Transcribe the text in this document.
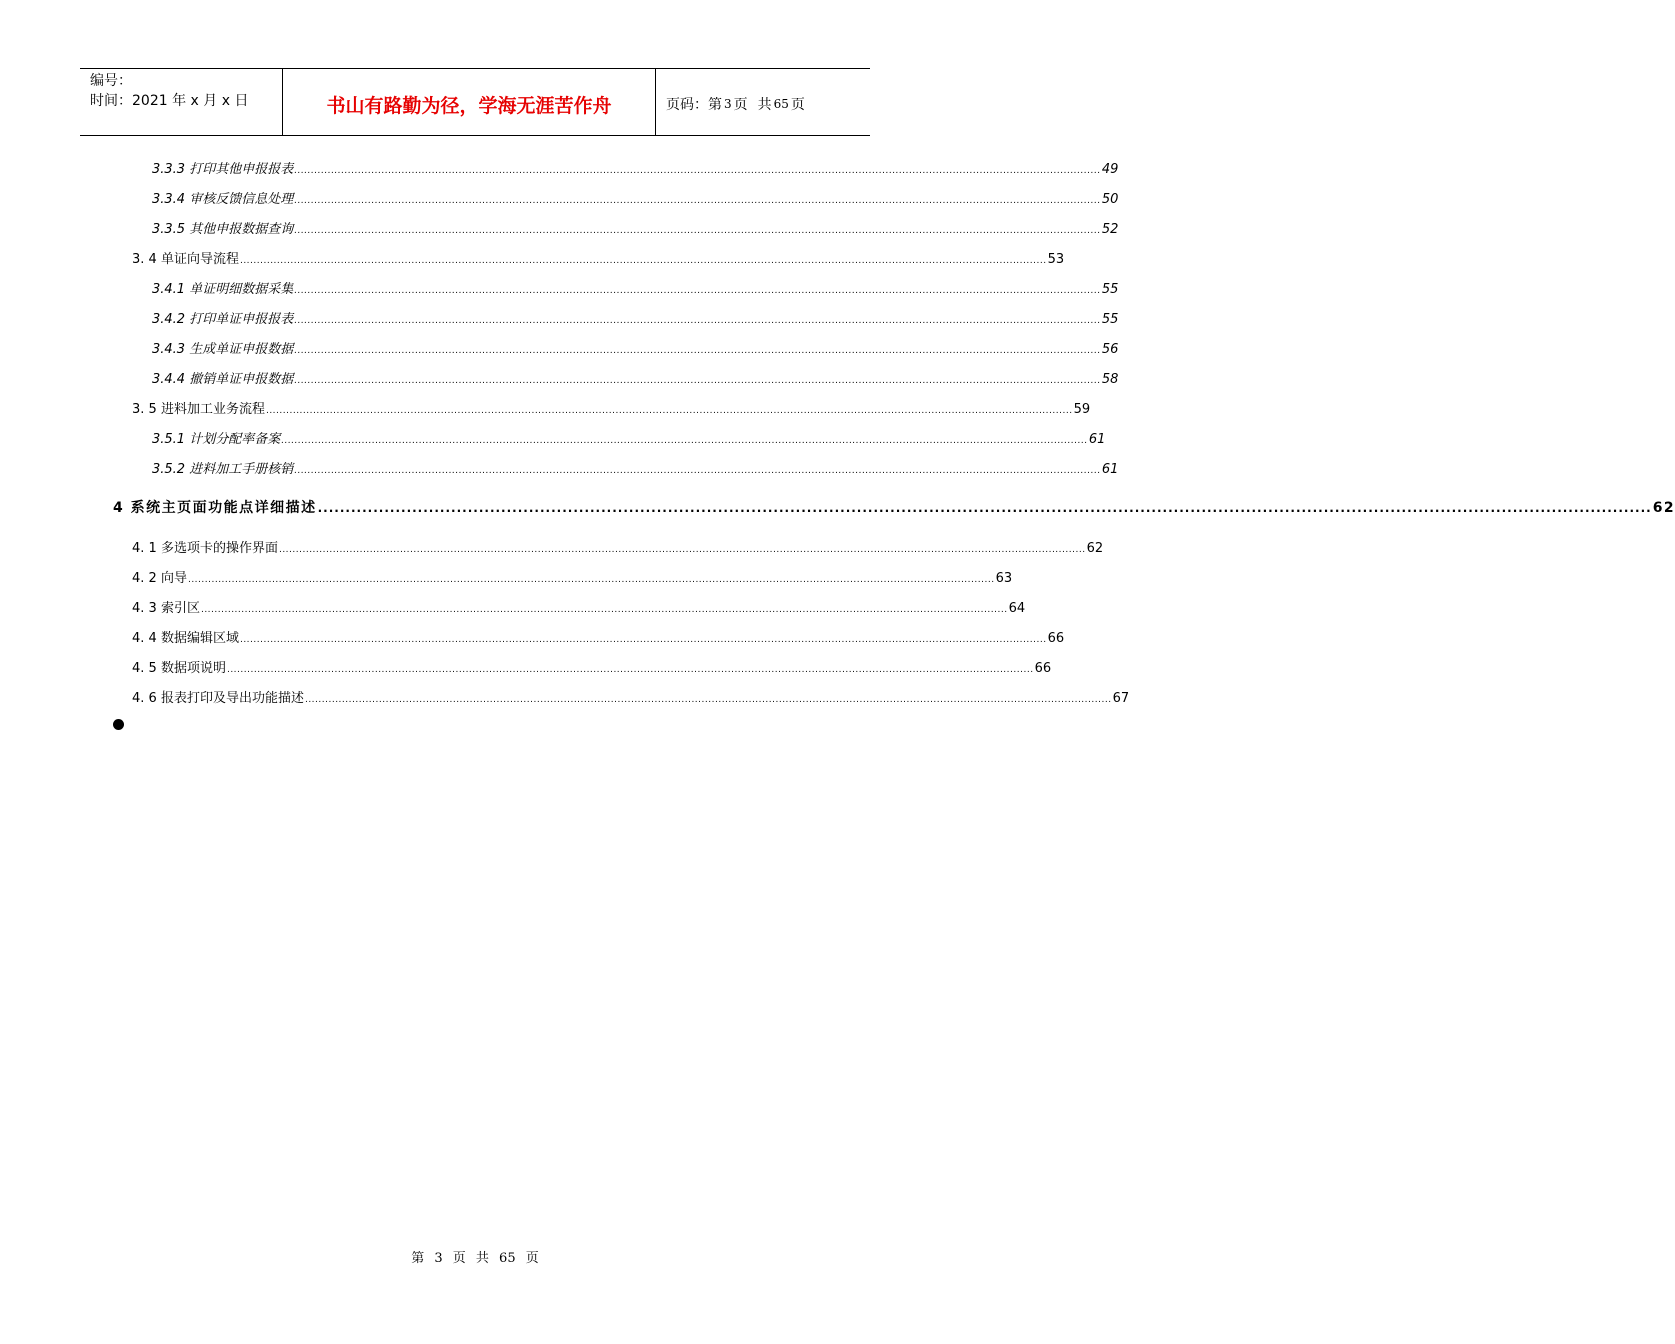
编号：
时间：2021 年 x 月 x 日	书山有路勤为径，学海无涯苦作舟	页码：第 3 页 共 65 页
3.3.3 打印其他申报报表 ................................................................................................................................................................................................................................................ 49
3.3.4 审核反馈信息处理 ................................................................................................................................................................................................................................................ 50
3.3.5 其他申报数据查询 ................................................................................................................................................................................................................................................ 52
3. 4 单证向导流程 ................................................................................................................................................................................................................................................ 53
3.4.1 单证明细数据采集 ................................................................................................................................................................................................................................................ 55
3.4.2 打印单证申报报表 ................................................................................................................................................................................................................................................ 55
3.4.3 生成单证申报数据 ................................................................................................................................................................................................................................................ 56
3.4.4 撤销单证申报数据 ................................................................................................................................................................................................................................................ 58
3. 5 进料加工业务流程 ................................................................................................................................................................................................................................................ 59
3.5.1 计划分配率备案 ................................................................................................................................................................................................................................................ 61
3.5.2 进料加工手册核销 ................................................................................................................................................................................................................................................ 61
4 系统主页面功能点详细描述 ................................................................................................................................................................................................................................................ 62
4. 1 多选项卡的操作界面 ................................................................................................................................................................................................................................................ 62
4. 2 向导 ................................................................................................................................................................................................................................................ 63
4. 3 索引区 ................................................................................................................................................................................................................................................ 64
4. 4 数据编辑区域 ................................................................................................................................................................................................................................................ 66
4. 5 数据项说明 ................................................................................................................................................................................................................................................ 66
4. 6 报表打印及导出功能描述 ................................................................................................................................................................................................................................................ 67
第 3 页 共 65 页
